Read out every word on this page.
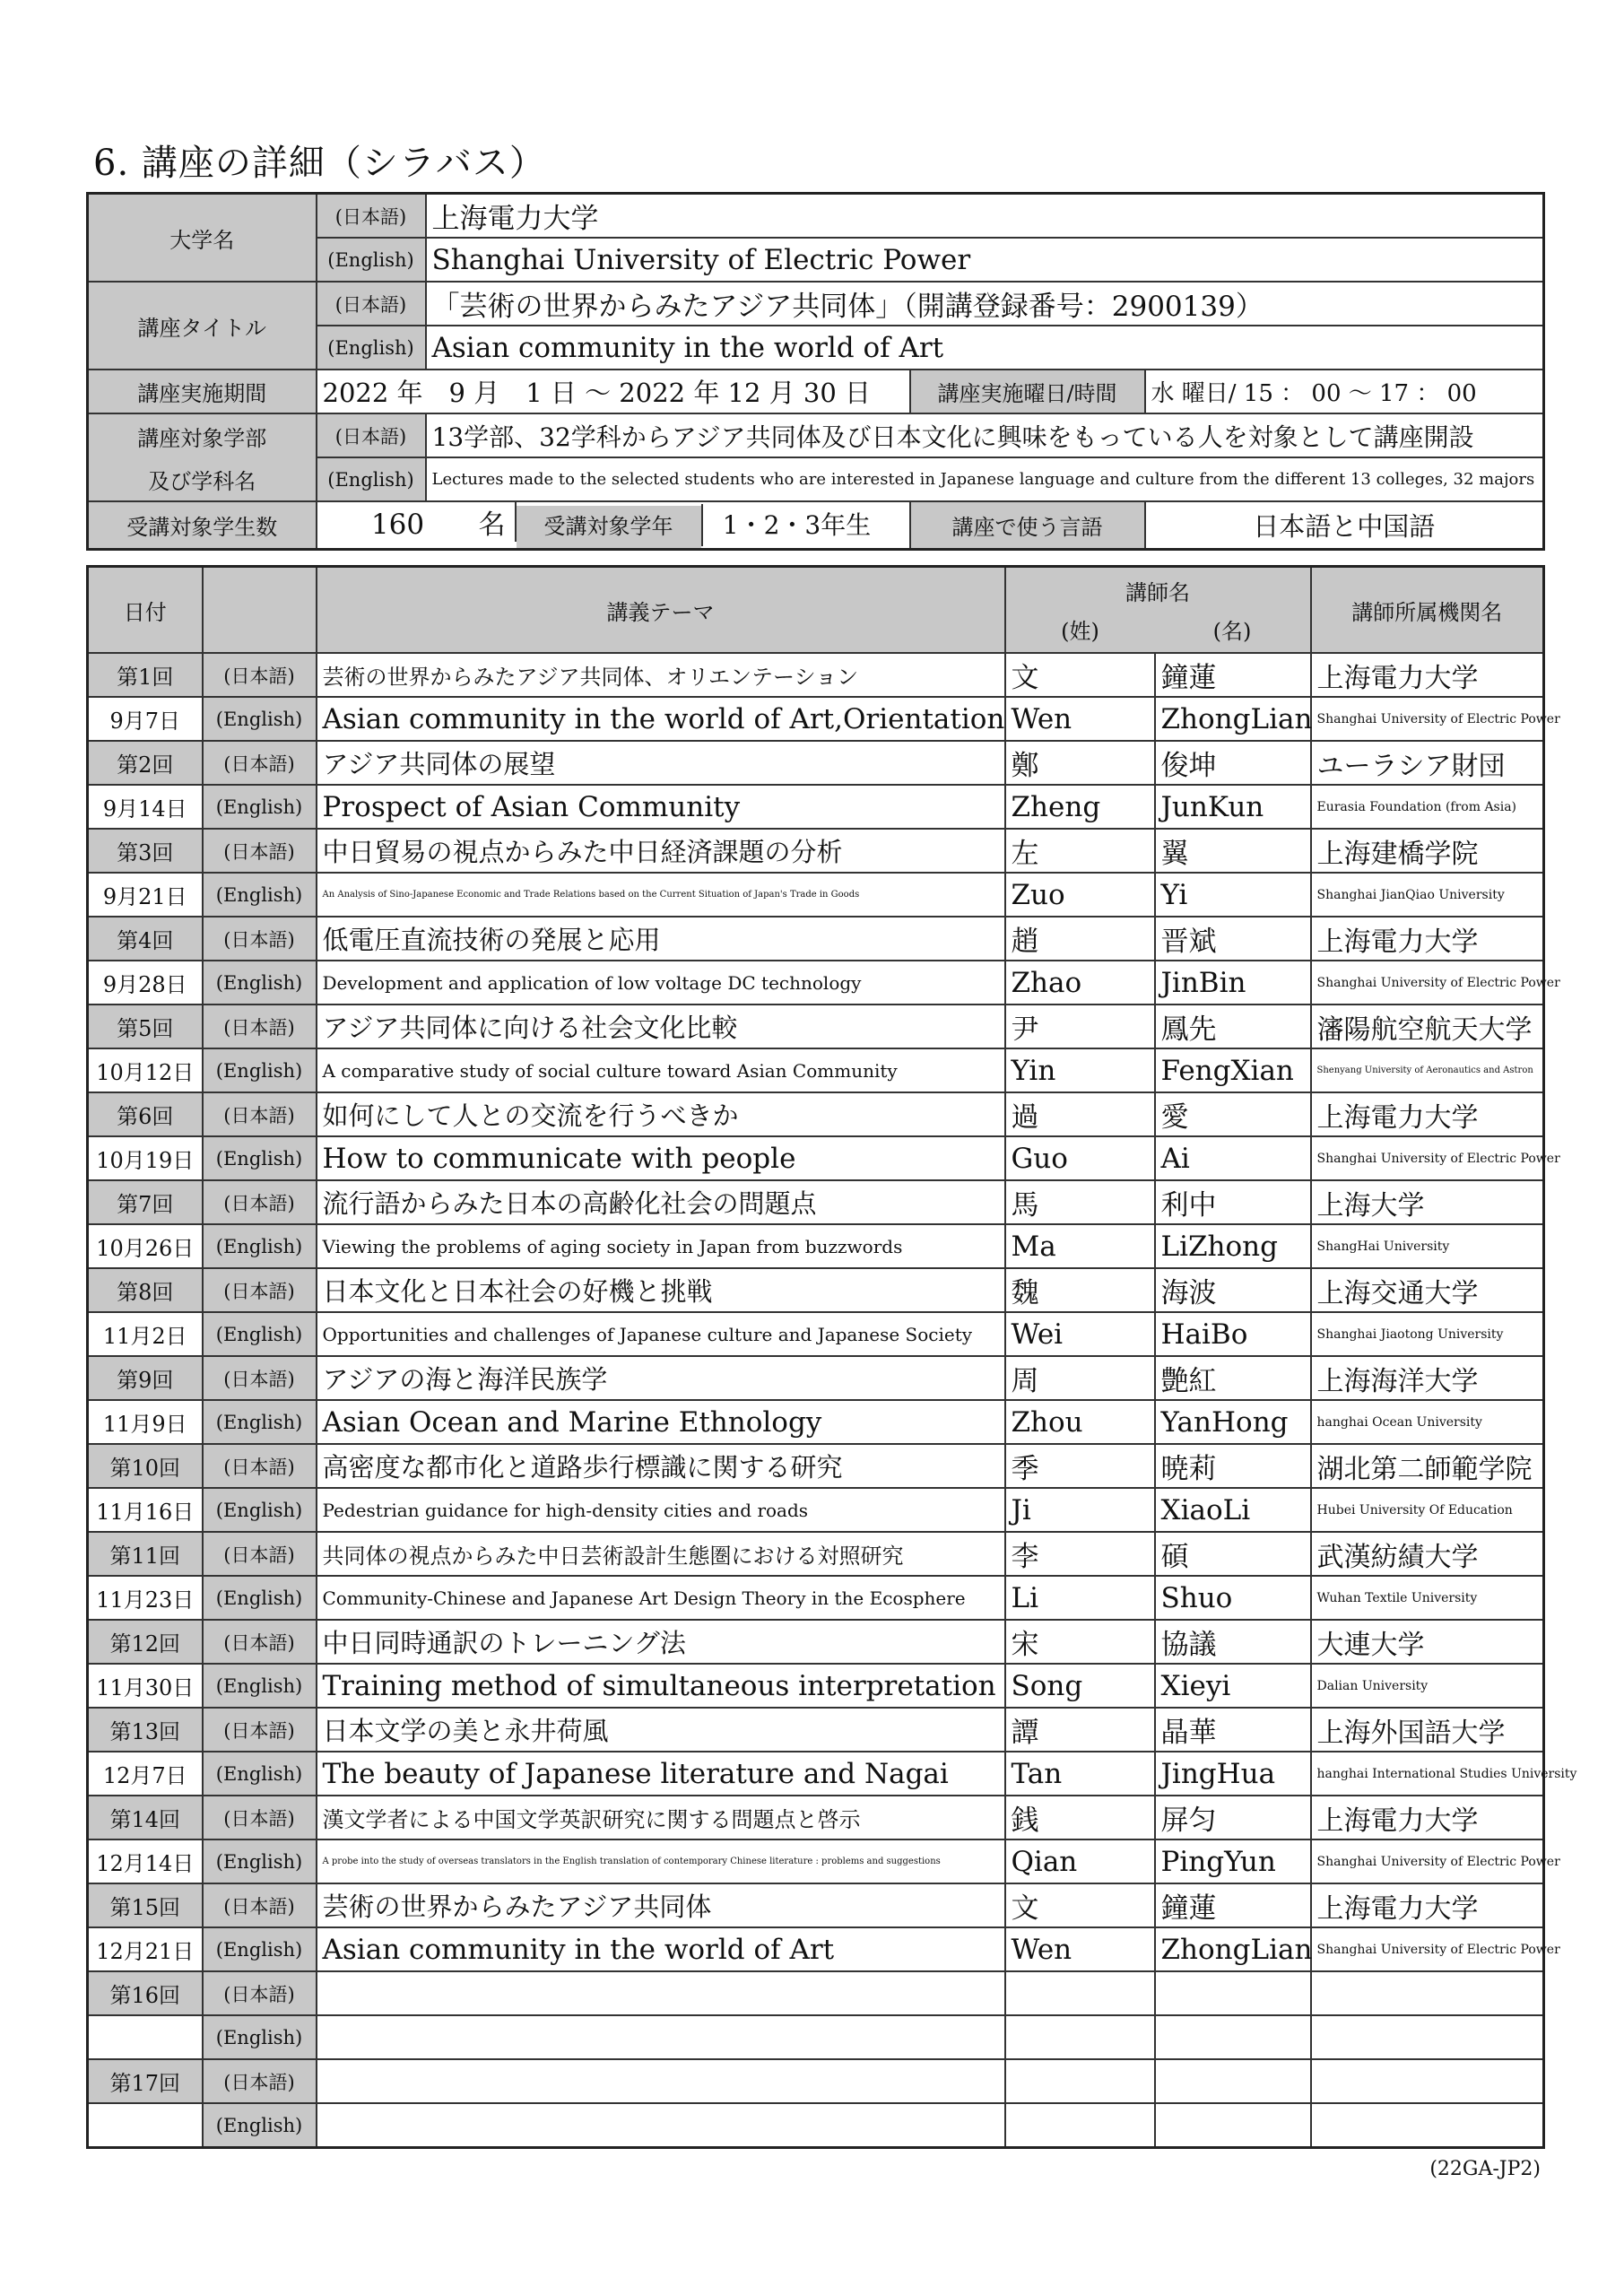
6. 講座の詳細（シラバス）
大学名	(日本語)	上海電力大学		
	(English)	Shanghai University of Electric Power		
講座タイトル	(日本語)	「芸術の世界からみたアジア共同体」（開講登録番号：2900139）		
	(English)	Asian community in the world of Art		
講座実施期間	2022 年　9 月　1 日 ～ 2022 年 12 月 30 日		講座実施曜日/時間	水 曜日/ 15 ： 00 ～ 17 ： 00
講座対象学部	(日本語)	13学部、32学科からアジア共同体及び日本文化に興味をもっている人を対象として講座開設		
及び学科名	(English)	Lectures made to the selected students who are interested in Japanese language and culture from the different 13 colleges, 32 majors		
受講対象学生数	160 名 受講対象学年 1・2・3年生		講座で使う言語	日本語と中国語
日付		講義テーマ	講師名		講師所属機関名
			(姓)	(名)	
第1回	(日本語)	芸術の世界からみたアジア共同体、オリエンテーション	文	鐘蓮	上海電力大学
9月7日	(English)	Asian community in the world of Art,Orientation	Wen	ZhongLian	Shanghai University of Electric Power
第2回	(日本語)	アジア共同体の展望	鄭	俊坤	ユーラシア財団
9月14日	(English)	Prospect of Asian Community	Zheng	JunKun	Eurasia Foundation (from Asia)
第3回	(日本語)	中日貿易の視点からみた中日経済課題の分析	左	翼	上海建橋学院
9月21日	(English)	An Analysis of Sino-Japanese Economic and Trade Relations based on the Current Situation of Japan's Trade in Goods	Zuo	Yi	Shanghai JianQiao University
第4回	(日本語)	低電圧直流技術の発展と応用	趙	晋斌	上海電力大学
9月28日	(English)	Development and application of low voltage DC technology	Zhao	JinBin	Shanghai University of Electric Power
第5回	(日本語)	アジア共同体に向ける社会文化比較	尹	鳳先	瀋陽航空航天大学
10月12日	(English)	A comparative study of social culture toward Asian Community	Yin	FengXian	Shenyang University of Aeronautics and Astron
第6回	(日本語)	如何にして人との交流を行うべきか	過	愛	上海電力大学
10月19日	(English)	How to communicate with people	Guo	Ai	Shanghai University of Electric Power
第7回	(日本語)	流行語からみた日本の高齢化社会の問題点	馬	利中	上海大学
10月26日	(English)	Viewing the problems of aging society in Japan from buzzwords	Ma	LiZhong	ShangHai University
第8回	(日本語)	日本文化と日本社会の好機と挑戦	魏	海波	上海交通大学
11月2日	(English)	Opportunities and challenges of Japanese culture and Japanese Society	Wei	HaiBo	Shanghai Jiaotong University
第9回	(日本語)	アジアの海と海洋民族学	周	艶紅	上海海洋大学
11月9日	(English)	Asian Ocean and Marine Ethnology	Zhou	YanHong	hanghai Ocean University
第10回	(日本語)	高密度な都市化と道路歩行標識に関する研究	季	暁莉	湖北第二師範学院
11月16日	(English)	Pedestrian guidance for high-density cities and roads	Ji	XiaoLi	Hubei University Of Education
第11回	(日本語)	共同体の視点からみた中日芸術設計生態圏における対照研究	李	碩	武漢紡績大学
11月23日	(English)	Community-Chinese and Japanese Art Design Theory in the Ecosphere	Li	Shuo	Wuhan Textile University
第12回	(日本語)	中日同時通訳のトレーニング法	宋	協議	大連大学
11月30日	(English)	Training method of simultaneous interpretation	Song	Xieyi	Dalian University
第13回	(日本語)	日本文学の美と永井荷風	譚	晶華	上海外国語大学
12月7日	(English)	The beauty of Japanese literature and Nagai	Tan	JingHua	hanghai International Studies University
第14回	(日本語)	漢文学者による中国文学英訳研究に関する問題点と啓示	銭	屏匀	上海電力大学
12月14日	(English)	A probe into the study of overseas translators in the English translation of contemporary Chinese literature : problems and suggestions	Qian	PingYun	Shanghai University of Electric Power
第15回	(日本語)	芸術の世界からみたアジア共同体	文	鐘蓮	上海電力大学
12月21日	(English)	Asian community in the world of Art	Wen	ZhongLian	Shanghai University of Electric Power
第16回	(日本語)				
	(English)				
第17回	(日本語)				
	(English)				
(22GA-JP2)
